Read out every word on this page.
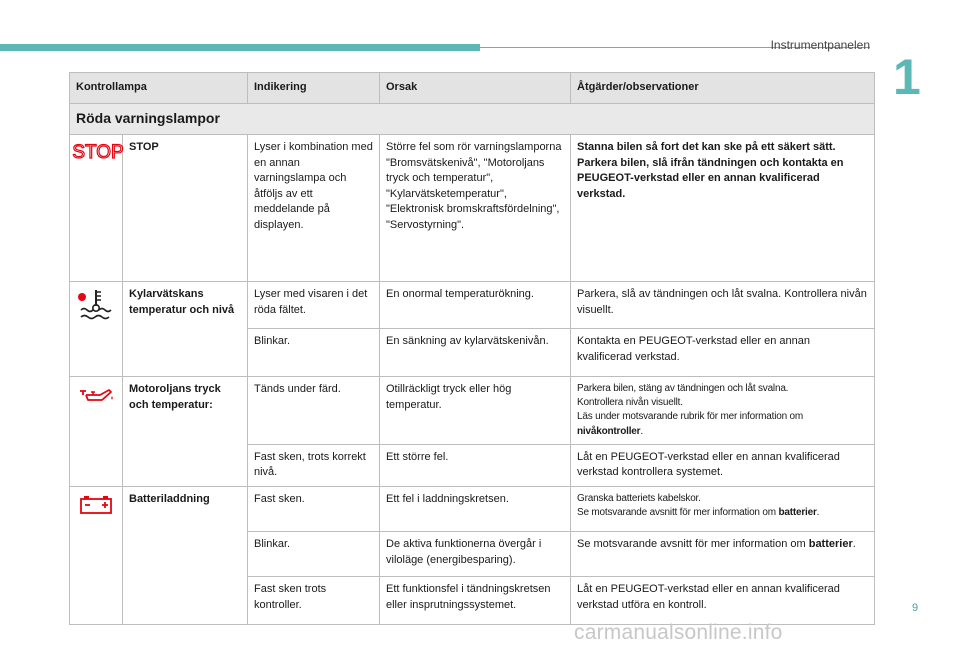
Instrumentpanelen
1
Kontrollampa		Indikering	Orsak	Åtgärder/observationer
Röda varningslampor				

STOP	STOP	Lyser i kombination med en annan varningslampa och åtföljs av ett meddelande på displayen.	Större fel som rör varningslamporna "Bromsvätskenivå", "Motoroljans tryck och temperatur", "Kylarvätsketemperatur", "Elektronisk bromskraftsfördelning", "Servostyrning".	Stanna bilen så fort det kan ske på ett säkert sätt. Parkera bilen, slå ifrån tändningen och kontakta en PEUGEOT-verkstad eller en annan kvalificerad verkstad.
	Kylarvätskans temperatur och nivå	Lyser med visaren i det röda fältet.	En onormal temperaturökning.	Parkera, slå av tändningen och låt svalna. Kontrollera nivån visuellt.
		Blinkar.	En sänkning av kylarvätskenivån.	Kontakta en PEUGEOT-verkstad eller en annan kvalificerad verkstad.
	Motoroljans tryck och temperatur:	Tänds under färd.	Otillräckligt tryck eller hög temperatur.	Parkera bilen, stäng av tändningen och låt svalna.
Kontrollera nivån visuellt.
Läs under motsvarande rubrik för mer information om nivåkontroller.
		Fast sken, trots korrekt nivå.	Ett större fel.	Låt en PEUGEOT-verkstad eller en annan kvalificerad verkstad kontrollera systemet.
	Batteriladdning	Fast sken.	Ett fel i laddningskretsen.	Granska batteriets kabelskor.
Se motsvarande avsnitt för mer information om batterier.
		Blinkar.	De aktiva funktionerna övergår i viloläge (energibesparing).	Se motsvarande avsnitt för mer information om batterier.
		Fast sken trots kontroller.	Ett funktionsfel i tändningskretsen eller insprutningssystemet.	Låt en PEUGEOT-verkstad eller en annan kvalificerad verkstad utföra en kontroll.	9
carmanualsonline.info
